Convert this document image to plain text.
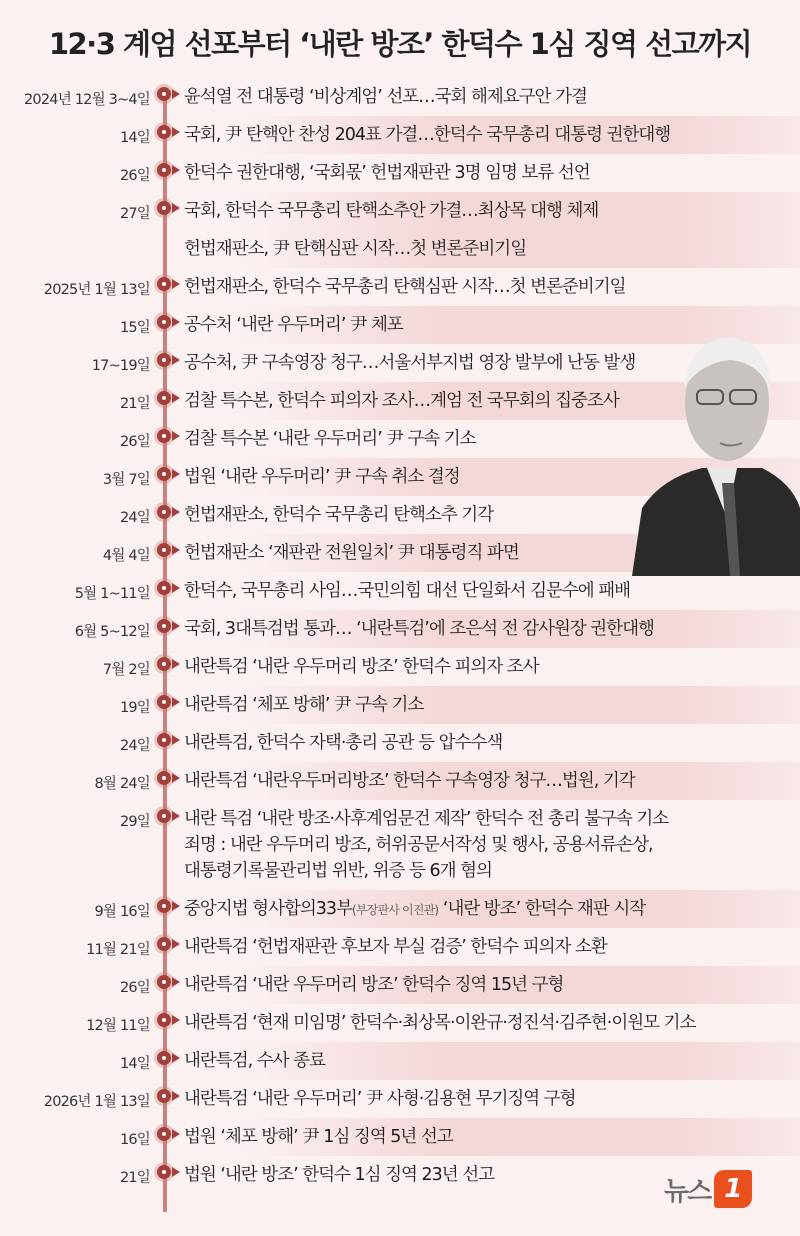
12·3 계엄 선포부터 ‘내란 방조’ 한덕수 1심 징역 선고까지
2024년 12월 3~4일 윤석열 전 대통령 ‘비상계엄’ 선포…국회 해제요구안 가결
14일 국회, 尹 탄핵안 찬성 204표 가결…한덕수 국무총리 대통령 권한대행
26일 한덕수 권한대행, ‘국회몫’ 헌법재판관 3명 임명 보류 선언
27일 국회, 한덕수 국무총리 탄핵소추안 가결…최상목 대행 체제
헌법재판소, 尹 탄핵심판 시작…첫 변론준비기일
2025년 1월 13일 헌법재판소, 한덕수 국무총리 탄핵심판 시작…첫 변론준비기일
15일 공수처 ‘내란 우두머리’ 尹 체포
17~19일 공수처, 尹 구속영장 청구…서울서부지법 영장 발부에 난동 발생
21일 검찰 특수본, 한덕수 피의자 조사…계엄 전 국무회의 집중조사
26일 검찰 특수본 ‘내란 우두머리’ 尹 구속 기소
3월 7일 법원 ‘내란 우두머리’ 尹 구속 취소 결정
24일 헌법재판소, 한덕수 국무총리 탄핵소추 기각
4월 4일 헌법재판소 ‘재판관 전원일치’ 尹 대통령직 파면
5월 1~11일 한덕수, 국무총리 사임…국민의힘 대선 단일화서 김문수에 패배
6월 5~12일 국회, 3대특검법 통과… ‘내란특검’에 조은석 전 감사원장 권한대행
7월 2일 내란특검 ‘내란 우두머리 방조’ 한덕수 피의자 조사
19일 내란특검 ‘체포 방해’ 尹 구속 기소
24일 내란특검, 한덕수 자택·총리 공관 등 압수수색
8월 24일 내란특검 ‘내란우두머리방조’ 한덕수 구속영장 청구…법원, 기각
29일 내란 특검 ‘내란 방조·사후계엄문건 제작’ 한덕수 전 총리 불구속 기소
죄명 : 내란 우두머리 방조, 허위공문서작성 및 행사, 공용서류손상,
대통령기록물관리법 위반, 위증 등 6개 혐의
9월 16일 중앙지법 형사합의33부(부장판사 이진관) ‘내란 방조’ 한덕수 재판 시작
11월 21일 내란특검 ‘헌법재판관 후보자 부실 검증’ 한덕수 피의자 소환
26일 내란특검 ‘내란 우두머리 방조’ 한덕수 징역 15년 구형
12월 11일 내란특검 ‘현재 미임명’ 한덕수·최상목·이완규·정진석·김주현·이원모 기소
14일 내란특검, 수사 종료
2026년 1월 13일 내란특검 ‘내란 우두머리’ 尹 사형·김용현 무기징역 구형
16일 법원 ‘체포 방해’ 尹 1심 징역 5년 선고
21일 법원 ‘내란 방조’ 한덕수 1심 징역 23년 선고
뉴스 1
